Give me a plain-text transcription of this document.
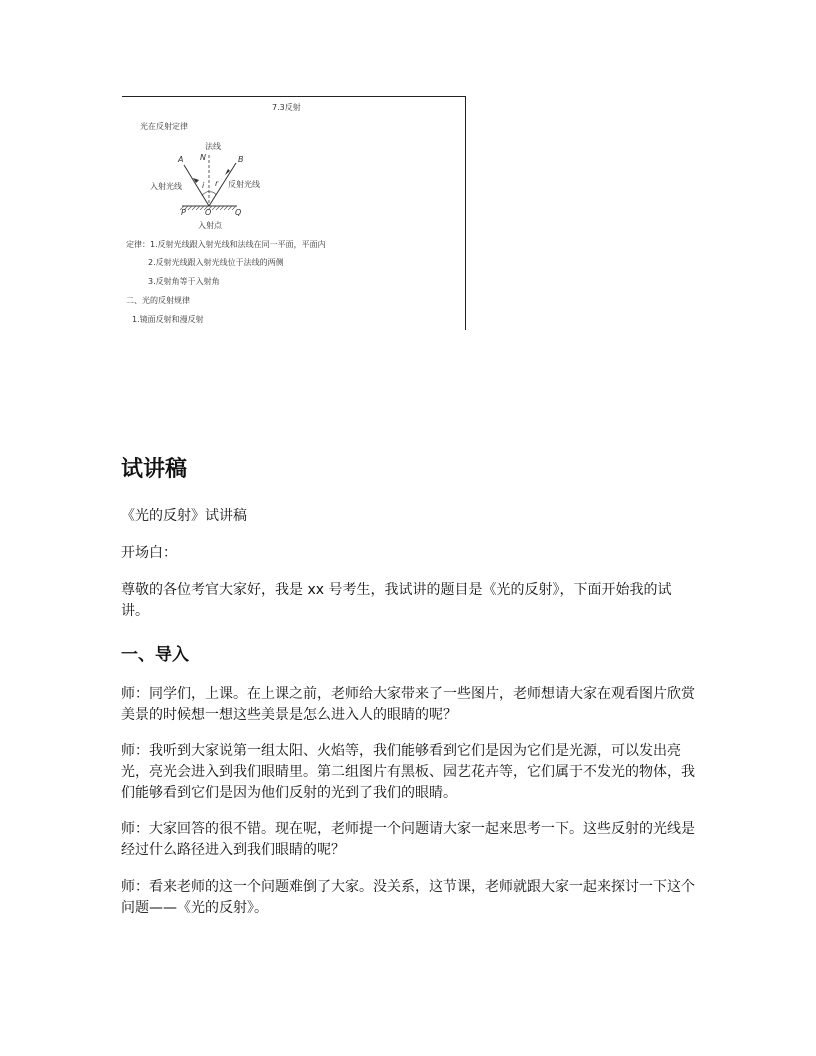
7.3反射
光在反射定律
法线
N
A	B
入射光线	i r 反射光线
P O	Q
入射点
定律：1.反射光线跟入射光线和法线在同一平面，平面内
2.反射光线跟入射光线位于法线的两侧
3.反射角等于入射角
二、光的反射规律
1.镜面反射和漫反射
试讲稿

《光的反射》试讲稿

开场白：

尊敬的各位考官大家好，我是 xx 号考生，我试讲的题目是《光的反射》，下面开始我的试讲。

一、导入

师：同学们，上课。在上课之前，老师给大家带来了一些图片，老师想请大家在观看图片欣赏美景的时候想一想这些美景是怎么进入人的眼睛的呢？

师：我听到大家说第一组太阳、火焰等，我们能够看到它们是因为它们是光源，可以发出亮光，亮光会进入到我们眼睛里。第二组图片有黑板、园艺花卉等，它们属于不发光的物体，我们能够看到它们是因为他们反射的光到了我们的眼睛。

师：大家回答的很不错。现在呢，老师提一个问题请大家一起来思考一下。这些反射的光线是经过什么路径进入到我们眼睛的呢？

师：看来老师的这一个问题难倒了大家。没关系，这节课，老师就跟大家一起来探讨一下这个问题——《光的反射》。
